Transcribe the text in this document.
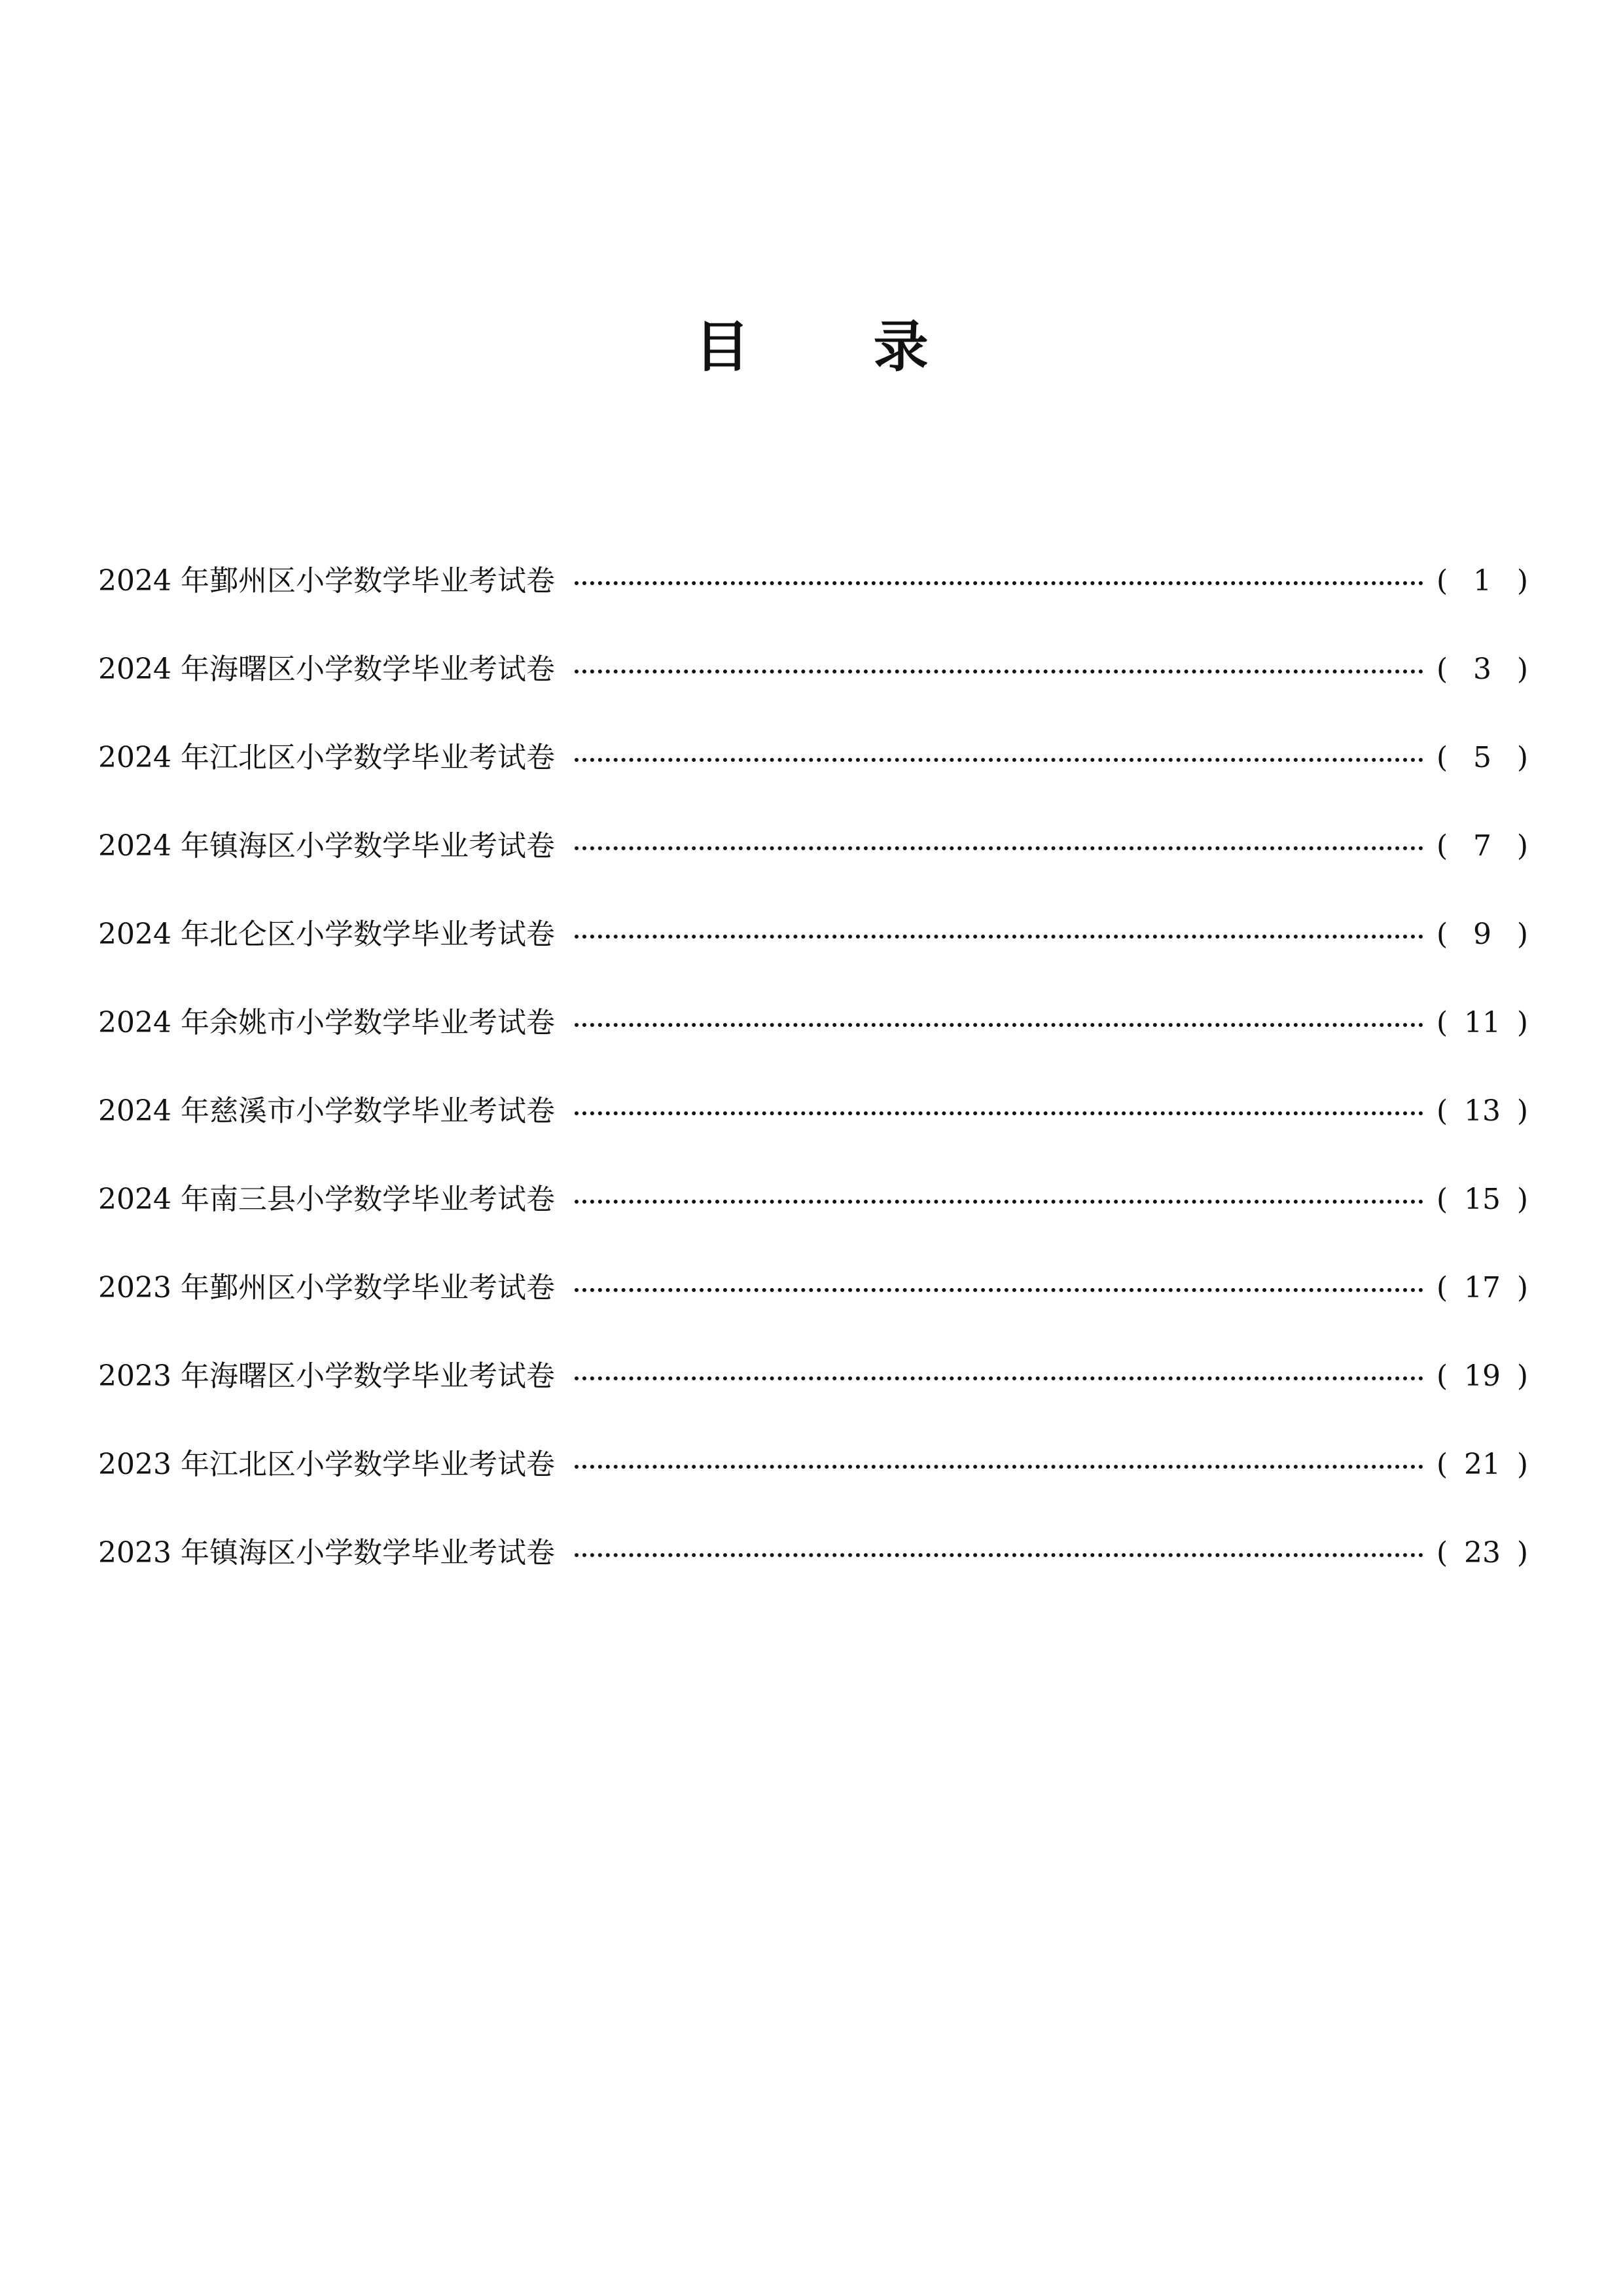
目 录
2024 年鄞州区小学数学毕业考试卷	( 1 )
2024 年海曙区小学数学毕业考试卷	( 3 )
2024 年江北区小学数学毕业考试卷	( 5 )
2024 年镇海区小学数学毕业考试卷	( 7 )
2024 年北仑区小学数学毕业考试卷	( 9 )
2024 年余姚市小学数学毕业考试卷	( 11 )
2024 年慈溪市小学数学毕业考试卷	( 13 )
2024 年南三县小学数学毕业考试卷	( 15 )
2023 年鄞州区小学数学毕业考试卷	( 17 )
2023 年海曙区小学数学毕业考试卷	( 19 )
2023 年江北区小学数学毕业考试卷	( 21 )
2023 年镇海区小学数学毕业考试卷	( 23 )
